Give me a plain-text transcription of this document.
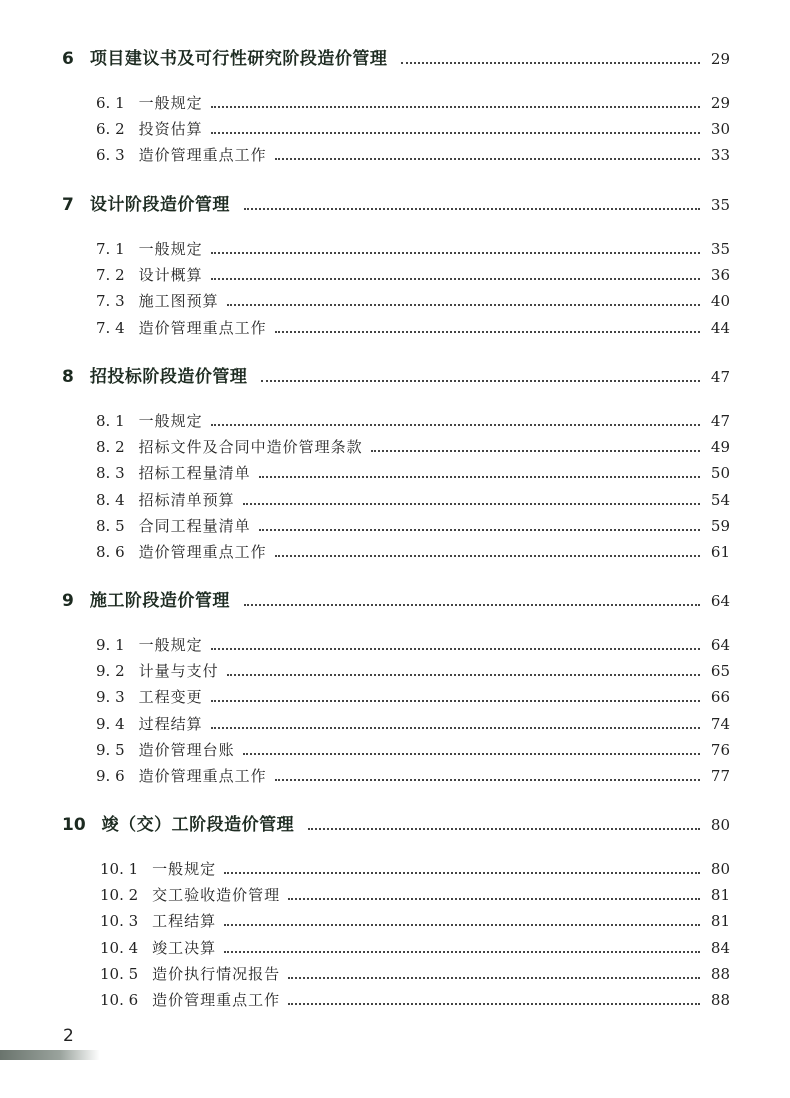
6 项目建议书及可行性研究阶段造价管理	29
6. 1 一般规定	29
6. 2 投资估算	30
6. 3 造价管理重点工作	33
7 设计阶段造价管理	35
7. 1 一般规定	35
7. 2 设计概算	36
7. 3 施工图预算	40
7. 4 造价管理重点工作	44
8 招投标阶段造价管理	47
8. 1 一般规定	47
8. 2 招标文件及合同中造价管理条款	49
8. 3 招标工程量清单	50
8. 4 招标清单预算	54
8. 5 合同工程量清单	59
8. 6 造价管理重点工作	61
9 施工阶段造价管理	64
9. 1 一般规定	64
9. 2 计量与支付	65
9. 3 工程变更	66
9. 4 过程结算	74
9. 5 造价管理台账	76
9. 6 造价管理重点工作	77
10 竣（交）工阶段造价管理	80
10. 1 一般规定	80
10. 2 交工验收造价管理	81
10. 3 工程结算	81
10. 4 竣工决算	84
10. 5 造价执行情况报告	88
10. 6 造价管理重点工作	88
2
